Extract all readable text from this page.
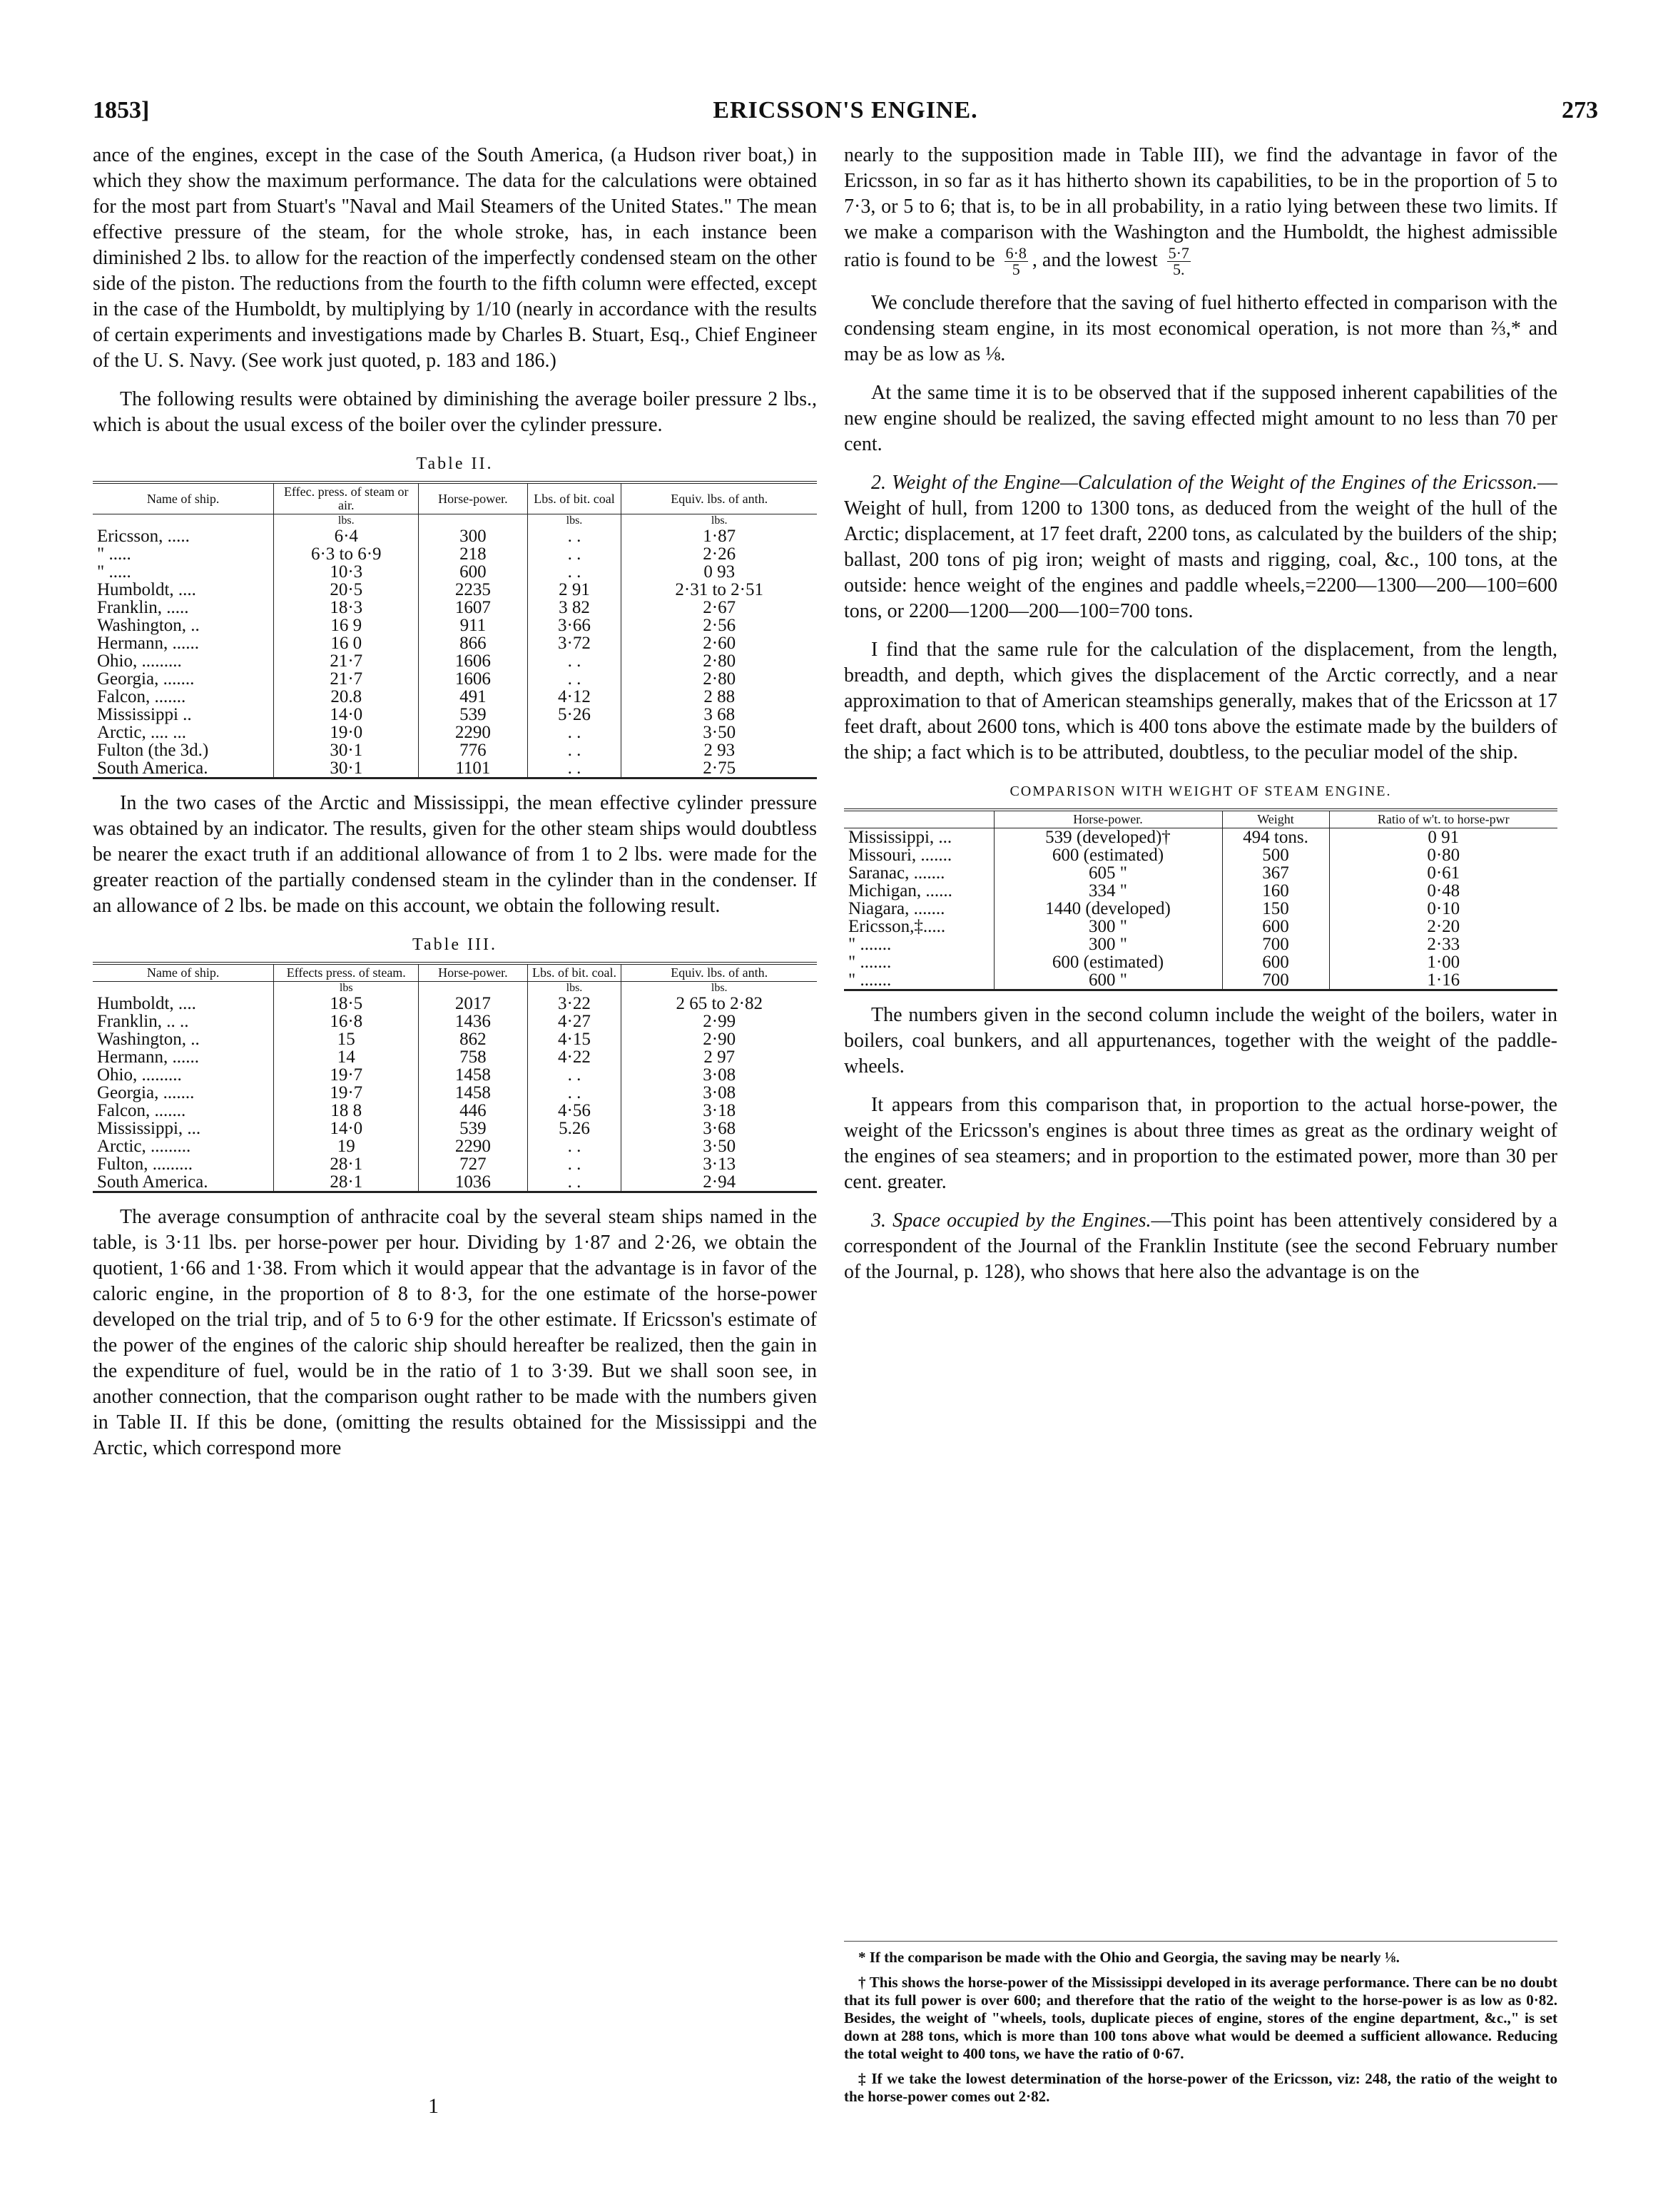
1853]	ERICSSON'S ENGINE.	273

ance of the engines, except in the case of the South America, (a Hudson river boat,) in which they show the maximum performance. The data for the calculations were obtained for the most part from Stuart's "Naval and Mail Steamers of the United States." The mean effective pressure of the steam, for the whole stroke, has, in each instance been diminished 2 lbs. to allow for the reaction of the imperfectly condensed steam on the other side of the piston. The reductions from the fourth to the fifth column were effected, except in the case of the Humboldt, by multiplying by 1/10 (nearly in accordance with the results of certain experiments and investigations made by Charles B. Stuart, Esq., Chief Engineer of the U. S. Navy. (See work just quoted, p. 183 and 186.)

The following results were obtained by diminishing the average boiler pressure 2 lbs., which is about the usual excess of the boiler over the cylinder pressure.

Table II.
Name of ship.	Effec. press. of steam or air.	Horse-power.	Lbs. of bit. coal	Equiv. lbs. of anth.
	lbs.		lbs.	lbs.
Ericsson, .....	6·4	300	. .	1·87
" .....	6·3 to 6·9	218	. .	2·26
" .....	10·3	600	. .	0 93
Humboldt, ....	20·5	2235	2 91	2·31 to 2·51
Franklin, .....	18·3	1607	3 82	2·67
Washington, ..	16 9	911	3·66	2·56
Hermann, ......	16 0	866	3·72	2·60
Ohio, .........	21·7	1606	. .	2·80
Georgia, .......	21·7	1606	. .	2·80
Falcon, .......	20.8	491	4·12	2 88
Mississippi ..	14·0	539	5·26	3 68
Arctic, .... ...	19·0	2290	. .	3·50
Fulton (the 3d.)	30·1	776	. .	2 93
South America.	30·1	1101	. .	2·75

In the two cases of the Arctic and Mississippi, the mean effective cylinder pressure was obtained by an indicator. The results, given for the other steam ships would doubtless be nearer the exact truth if an additional allowance of from 1 to 2 lbs. were made for the greater reaction of the partially condensed steam in the cylinder than in the condenser. If an allowance of 2 lbs. be made on this account, we obtain the following result.

Table III.
Name of ship.	Effects press. of steam.	Horse-power.	Lbs. of bit. coal.	Equiv. lbs. of anth.
	lbs		lbs.	lbs.
Humboldt, ....	18·5	2017	3·22	2 65 to 2·82
Franklin, .. ..	16·8	1436	4·27	2·99
Washington, ..	15	862	4·15	2·90
Hermann, ......	14	758	4·22	2 97
Ohio, .........	19·7	1458	. .	3·08
Georgia, .......	19·7	1458	. .	3·08
Falcon, .......	18 8	446	4·56	3·18
Mississippi, ...	14·0	539	5.26	3·68
Arctic, .........	19	2290	. .	3·50
Fulton, .........	28·1	727	. .	3·13
South America.	28·1	1036	. .	2·94

The average consumption of anthracite coal by the several steam ships named in the table, is 3·11 lbs. per horse-power per hour. Dividing by 1·87 and 2·26, we obtain the quotient, 1·66 and 1·38. From which it would appear that the advantage is in favor of the caloric engine, in the proportion of 8 to 8·3, for the one estimate of the horse-power developed on the trial trip, and of 5 to 6·9 for the other estimate. If Ericsson's estimate of the power of the engines of the caloric ship should hereafter be realized, then the gain in the expenditure of fuel, would be in the ratio of 1 to 3·39. But we shall soon see, in another connection, that the comparison ought rather to be made with the numbers given in Table II. If this be done, (omitting the results obtained for the Mississippi and the Arctic, which correspond more

1

nearly to the supposition made in Table III), we find the advantage in favor of the Ericsson, in so far as it has hitherto shown its capabilities, to be in the proportion of 5 to 7·3, or 5 to 6; that is, to be in all probability, in a ratio lying between these two limits. If we make a comparison with the Washington and the Humboldt, the highest admissible ratio is found to be $\frac{6\cdot 8}{5}$ , and the lowest $\frac{5\cdot 7}{5.}$

We conclude therefore that the saving of fuel hitherto effected in comparison with the condensing steam engine, in its most economical operation, is not more than ⅔,* and may be as low as ⅛.

At the same time it is to be observed that if the supposed inherent capabilities of the new engine should be realized, the saving effected might amount to no less than 70 per cent.

2. Weight of the Engine—Calculation of the Weight of the Engines of the Ericsson.—Weight of hull, from 1200 to 1300 tons, as deduced from the weight of the hull of the Arctic; displacement, at 17 feet draft, 2200 tons, as calculated by the builders of the ship; ballast, 200 tons of pig iron; weight of masts and rigging, coal, &c., 100 tons, at the outside: hence weight of the engines and paddle wheels,=2200—1300—200—100=600 tons, or 2200—1200—200—100=700 tons.

I find that the same rule for the calculation of the displacement, from the length, breadth, and depth, which gives the displacement of the Arctic correctly, and a near approximation to that of American steamships generally, makes that of the Ericsson at 17 feet draft, about 2600 tons, which is 400 tons above the estimate made by the builders of the ship; a fact which is to be attributed, doubtless, to the peculiar model of the ship.

COMPARISON WITH WEIGHT OF STEAM ENGINE.
	Horse-power.	Weight	Ratio of w't. to horse-pwr
Mississippi, ...	539 (developed)†	494 tons.	0 91
Missouri, .......	600 (estimated)	500	0·80
Saranac, .......	605 "	367	0·61
Michigan, ......	334 "	160	0·48
Niagara, .......	1440 (developed)	150	0·10
Ericsson,‡.....	300 "	600	2·20
" .......	300 "	700	2·33
" .......	600 (estimated)	600	1·00
" .......	600 "	700	1·16

The numbers given in the second column include the weight of the boilers, water in boilers, coal bunkers, and all appurtenances, together with the weight of the paddle-wheels.

It appears from this comparison that, in proportion to the actual horse-power, the weight of the Ericsson's engines is about three times as great as the ordinary weight of the engines of sea steamers; and in proportion to the estimated power, more than 30 per cent. greater.

3. Space occupied by the Engines.—This point has been attentively considered by a correspondent of the Journal of the Franklin Institute (see the second February number of the Journal, p. 128), who shows that here also the advantage is on the

* If the comparison be made with the Ohio and Georgia, the saving may be nearly ⅛.

† This shows the horse-power of the Mississippi developed in its average performance. There can be no doubt that its full power is over 600; and therefore that the ratio of the weight to the horse-power is as low as 0·82. Besides, the weight of "wheels, tools, duplicate pieces of engine, stores of the engine department, &c.," is set down at 288 tons, which is more than 100 tons above what would be deemed a sufficient allowance. Reducing the total weight to 400 tons, we have the ratio of 0·67.

‡ If we take the lowest determination of the horse-power of the Ericsson, viz: 248, the ratio of the weight to the horse-power comes out 2·82.
